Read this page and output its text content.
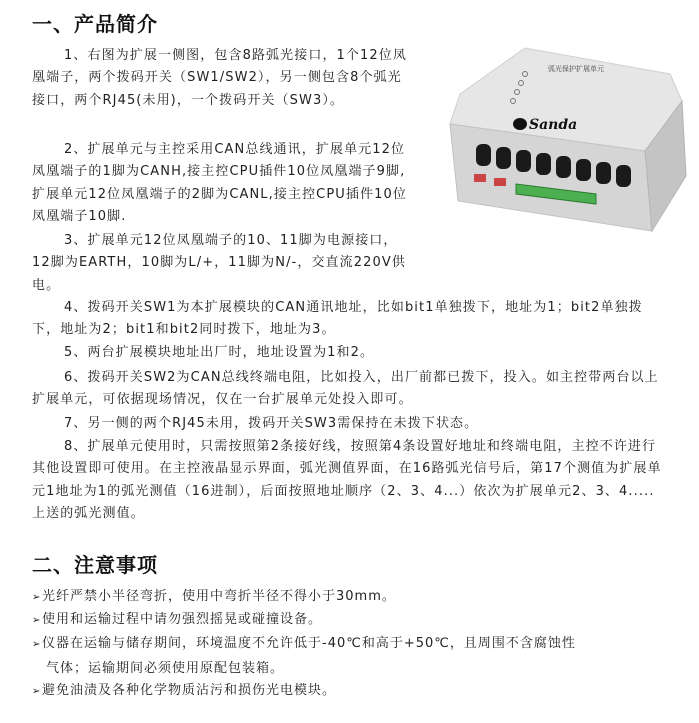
一、产品简介

1、右图为扩展一侧图，包含8路弧光接口，1个12位凤凰端子，两个拨码开关（SW1/SW2），另一侧包含8个弧光接口，两个RJ45(未用)，一个拨码开关（SW3）。

2、扩展单元与主控采用CAN总线通讯，扩展单元12位凤凰端子的1脚为CANH,接主控CPU插件10位凤凰端子9脚,扩展单元12位凤凰端子的2脚为CANL,接主控CPU插件10位凤凰端子10脚.

3、扩展单元12位凤凰端子的10、11脚为电源接口，12脚为EARTH，10脚为L/+，11脚为N/-，交直流220V供电。

4、拨码开关SW1为本扩展模块的CAN通讯地址，比如bit1单独拨下，地址为1；bit2单独拨下，地址为2；bit1和bit2同时拨下，地址为3。

5、两台扩展模块地址出厂时，地址设置为1和2。

6、拨码开关SW2为CAN总线终端电阻，比如投入，出厂前都已拨下，投入。如主控带两台以上扩展单元，可依据现场情况，仅在一台扩展单元处投入即可。

7、另一侧的两个RJ45未用，拨码开关SW3需保持在未拨下状态。

8、扩展单元使用时，只需按照第2条接好线，按照第4条设置好地址和终端电阻，主控不许进行其他设置即可使用。在主控液晶显示界面，弧光测值界面，在16路弧光信号后，第17个测值为扩展单元1地址为1的弧光测值（16进制），后面按照地址顺序（2、3、4...）依次为扩展单元2、3、4.....上送的弧光测值。

二、注意事项
➢光纤严禁小半径弯折，使用中弯折半径不得小于30mm。
➢使用和运输过程中请勿强烈摇晃或碰撞设备。
➢仪器在运输与储存期间，环境温度不允许低于-40℃和高于+50℃，且周围不含腐蚀性
气体；运输期间必须使用原配包装箱。
➢避免油渍及各种化学物质沾污和损伤光电模块。
弧光保护扩展单元
Sanda
